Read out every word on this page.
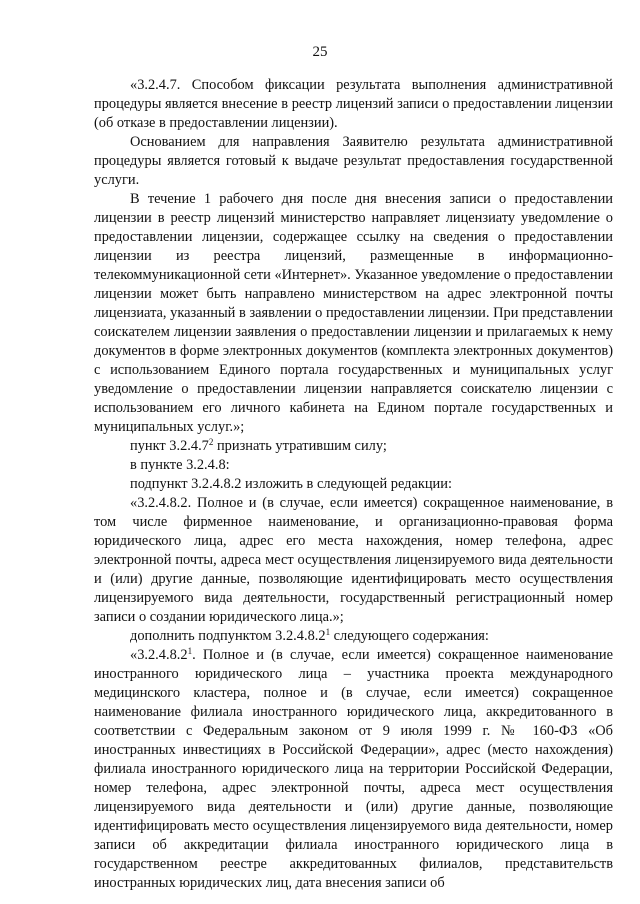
25

«3.2.4.7. Способом фиксации результата выполнения административной процедуры является внесение в реестр лицензий записи о предоставлении лицензии (об отказе в предоставлении лицензии).

Основанием для направления Заявителю результата административной процедуры является готовый к выдаче результат предоставления государственной услуги.

В течение 1 рабочего дня после дня внесения записи о предоставлении лицензии в реестр лицензий министерство направляет лицензиату уведомление о предоставлении лицензии, содержащее ссылку на сведения о предоставлении лицензии из реестра лицензий, размещенные в информационно-телекоммуникационной сети «Интернет». Указанное уведомление о предоставлении лицензии может быть направлено министерством на адрес электронной почты лицензиата, указанный в заявлении о предоставлении лицензии. При представлении соискателем лицензии заявления о предоставлении лицензии и прилагаемых к нему документов в форме электронных документов (комплекта электронных документов) с использованием Единого портала государственных и муниципальных услуг уведомление о предоставлении лицензии направляется соискателю лицензии с использованием его личного кабинета на Едином портале государственных и муниципальных услуг.»;

пункт 3.2.4.7$^2$ признать утратившим силу;

в пункте 3.2.4.8:

подпункт 3.2.4.8.2 изложить в следующей редакции:

«3.2.4.8.2. Полное и (в случае, если имеется) сокращенное наименование, в том числе фирменное наименование, и организационно-правовая форма юридического лица, адрес его места нахождения, номер телефона, адрес электронной почты, адреса мест осуществления лицензируемого вида деятельности и (или) другие данные, позволяющие идентифицировать место осуществления лицензируемого вида деятельности, государственный регистрационный номер записи о создании юридического лица.»;

дополнить подпунктом 3.2.4.8.2$^1$ следующего содержания:

«3.2.4.8.2$^1$. Полное и (в случае, если имеется) сокращенное наименование иностранного юридического лица – участника проекта международного медицинского кластера, полное и (в случае, если имеется) сокращенное наименование филиала иностранного юридического лица, аккредитованного в соответствии с Федеральным законом от 9 июля 1999 г. № 160-ФЗ «Об иностранных инвестициях в Российской Федерации», адрес (место нахождения) филиала иностранного юридического лица на территории Российской Федерации, номер телефона, адрес электронной почты, адреса мест осуществления лицензируемого вида деятельности и (или) другие данные, позволяющие идентифицировать место осуществления лицензируемого вида деятельности, номер записи об аккредитации филиала иностранного юридического лица в государственном реестре аккредитованных филиалов, представительств иностранных юридических лиц, дата внесения записи об
